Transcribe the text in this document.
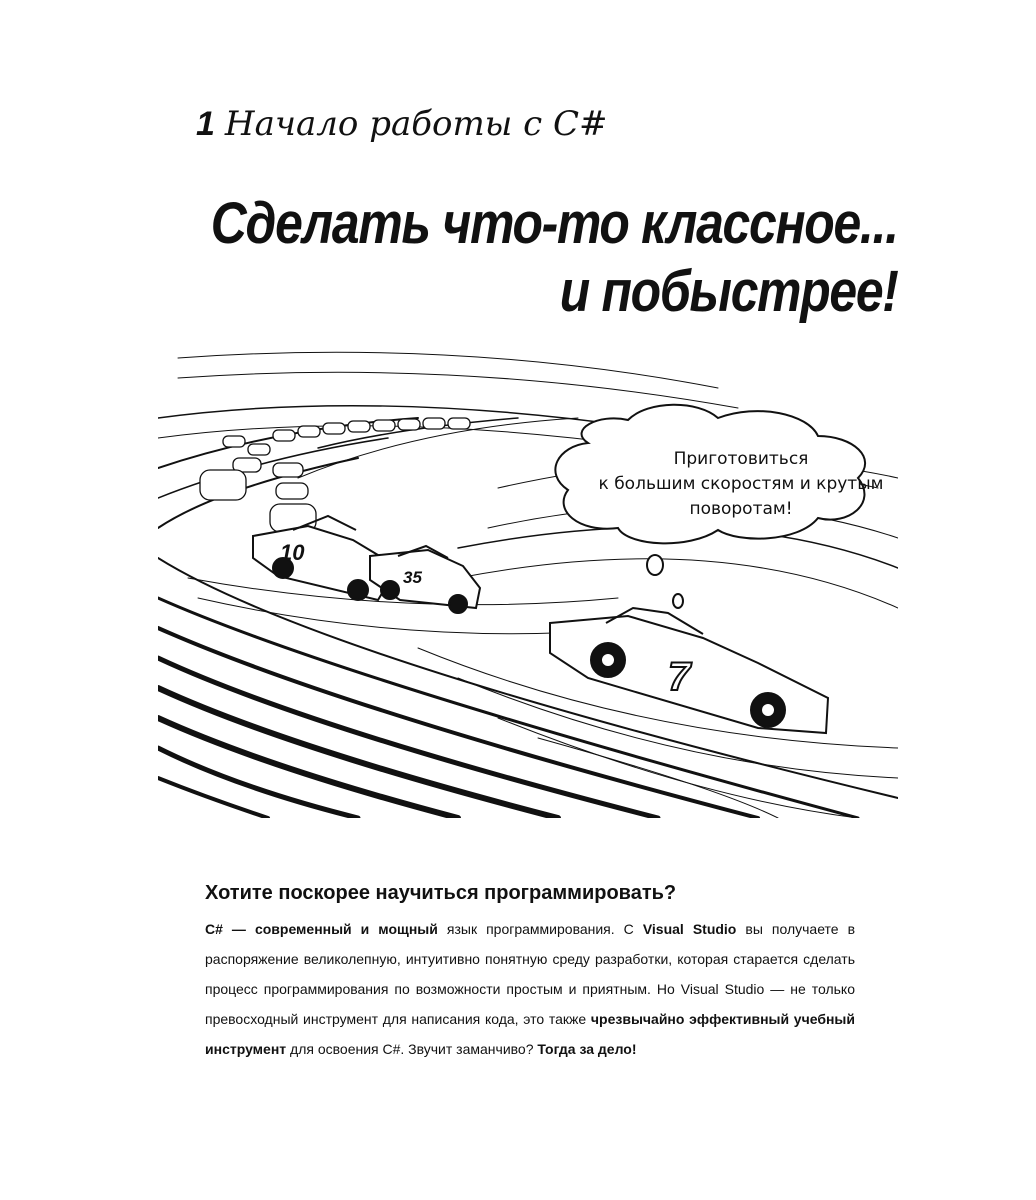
1 Начало работы с C#
Сделать что-то классное...
и побыстрее!
10
35
7
Приготовиться
к большим скоростям и крутым
поворотам!
Хотите поскорее научиться программировать?
C# — современный и мощный язык программирования. С Visual Studio вы получаете в распоряжение великолепную, интуитивно понятную среду разработки, которая старается сделать процесс программирования по возможности простым и приятным. Но Visual Studio — не только превосходный инструмент для написания кода, это также чрезвычайно эффективный учебный инструмент для освоения C#. Звучит заманчиво? Тогда за дело!
